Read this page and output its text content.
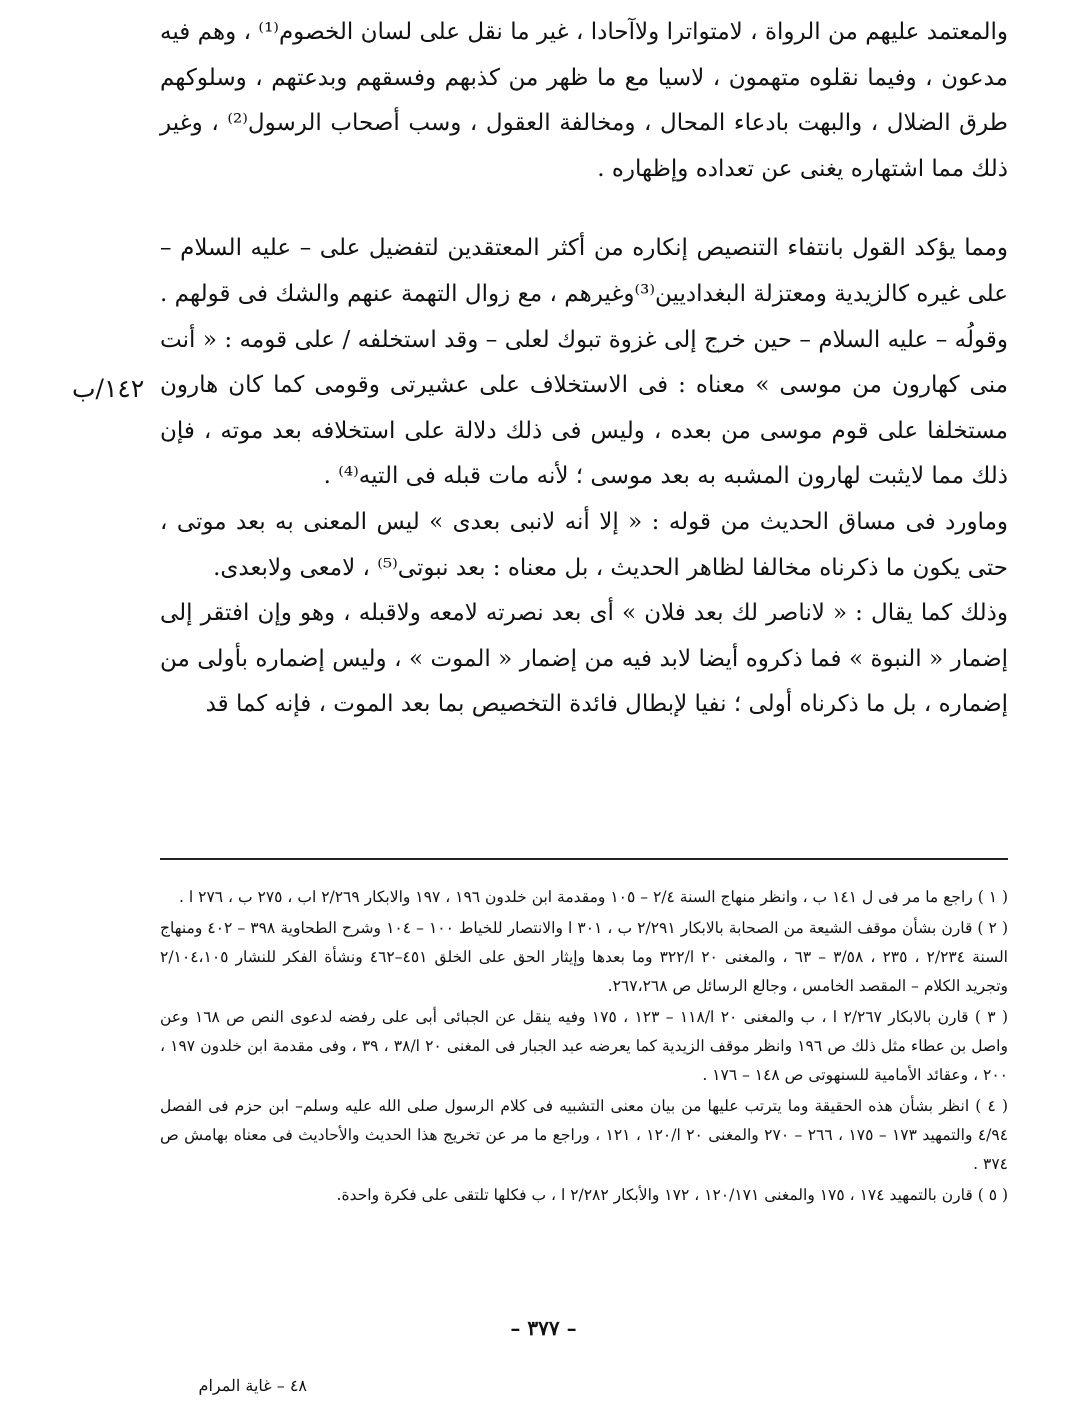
والمعتمد عليهم من الرواة ، لامتواترا ولاآحادا ، غير ما نقل على لسان الخصوم⁽¹⁾ ، وهم فيه مدعون ، وفيما نقلوه متهمون ، لاسيا مع ما ظهر من كذبهم وفسقهم وبدعتهم ، وسلوكهم طرق الضلال ، والبهت بادعاء المحال ، ومخالفة العقول ، وسب أصحاب الرسول⁽²⁾ ، وغير ذلك مما اشتهاره يغنى عن تعداده وإظهاره .

ومما يؤكد القول بانتفاء التنصيص إنكاره من أكثر المعتقدين لتفضيل على – عليه السلام – على غيره كالزيدية ومعتزلة البغداديين⁽³⁾وغيرهم ، مع زوال التهمة عنهم والشك فى قولهم . وقولُه – عليه السلام – حين خرج إلى غزوة تبوك لعلى – وقد استخلفه / على قومه : « أنت منى كهارون من موسى » معناه : فى الاستخلاف على عشيرتى وقومى كما كان هارون مستخلفا على قوم موسى من بعده ، وليس فى ذلك دلالة على استخلافه بعد موته ، فإن ذلك مما لايثبت لهارون المشبه به بعد موسى ؛ لأنه مات قبله فى التيه⁽⁴⁾ .

وماورد فى مساق الحديث من قوله : « إلا أنه لانبى بعدى » ليس المعنى به بعد موتى ، حتى يكون ما ذكرناه مخالفا لظاهر الحديث ، بل معناه : بعد نبوتى⁽⁵⁾ ، لامعى ولابعدى.

وذلك كما يقال : « لاناصر لك بعد فلان » أى بعد نصرته لامعه ولاقبله ، وهو وإن افتقر إلى إضمار « النبوة » فما ذكروه أيضا لابد فيه من إضمار « الموت » ، وليس إضماره بأولى من إضماره ، بل ما ذكرناه أولى ؛ نفيا لإبطال فائدة التخصيص بما بعد الموت ، فإنه كما قد

١٤٢/ب

( ١ ) راجع ما مر فى ل ١٤١ ب ، وانظر منهاج السنة ٢/٤ – ١٠٥ ومقدمة ابن خلدون ١٩٦ ، ١٩٧ والابكار ٢/٢٦٩ اب ، ٢٧٥ ب ، ٢٧٦ ا .

( ٢ ) قارن بشأن موقف الشيعة من الصحابة بالابكار ٢/٢٩١ ب ، ٣٠١ ا والانتصار للخياط ١٠٠ – ١٠٤ وشرح الطحاوية ٣٩٨ – ٤٠٢ ومنهاج السنة ٢/٢٣٤ ، ٢٣٥ ، ٣/٥٨ – ٦٣ ، والمغنى ٢٠ ا/٣٢٢ وما بعدها وإيثار الحق على الخلق ٤٥١–٤٦٢ ونشأة الفكر للنشار ٢/١٠٤،١٠٥ وتجريد الكلام – المقصد الخامس ، وجالع الرسائل ص ٢٦٧،٢٦٨.

( ٣ ) قارن بالابكار ٢/٢٦٧ ا ، ب والمغنى ٢٠ ا/١١٨ – ١٢٣ ، ١٧٥ وفيه ينقل عن الجبائى أبى على رفضه لدعوى النص ص ١٦٨ وعن واصل بن عطاء مثل ذلك ص ١٩٦ وانظر موقف الزيدية كما يعرضه عبد الجبار فى المغنى ٢٠ ا/٣٨ ، ٣٩ ، وفى مقدمة ابن خلدون ١٩٧ ، ٢٠٠ ، وعقائد الأمامية للسنهوتى ص ١٤٨ – ١٧٦ .

( ٤ ) انظر بشأن هذه الحقيقة وما يترتب عليها من بيان معنى التشبيه فى كلام الرسول صلى الله عليه وسلم– ابن حزم فى الفصل ٤/٩٤ والتمهيد ١٧٣ – ١٧٥ ، ٢٦٦ – ٢٧٠ والمغنى ٢٠ ا/١٢٠ ، ١٢١ ، وراجع ما مر عن تخريج هذا الحديث والأحاديث فى معناه بهامش ص ٣٧٤ .

( ٥ ) قارن بالتمهيد ١٧٤ ، ١٧٥ والمغنى ١٢٠/١٧١ ، ١٧٢ والأبكار ٢/٢٨٢ ا ، ب فكلها تلتقى على فكرة واحدة.

– ٣٧٧ –
٤٨ – غاية المرام
